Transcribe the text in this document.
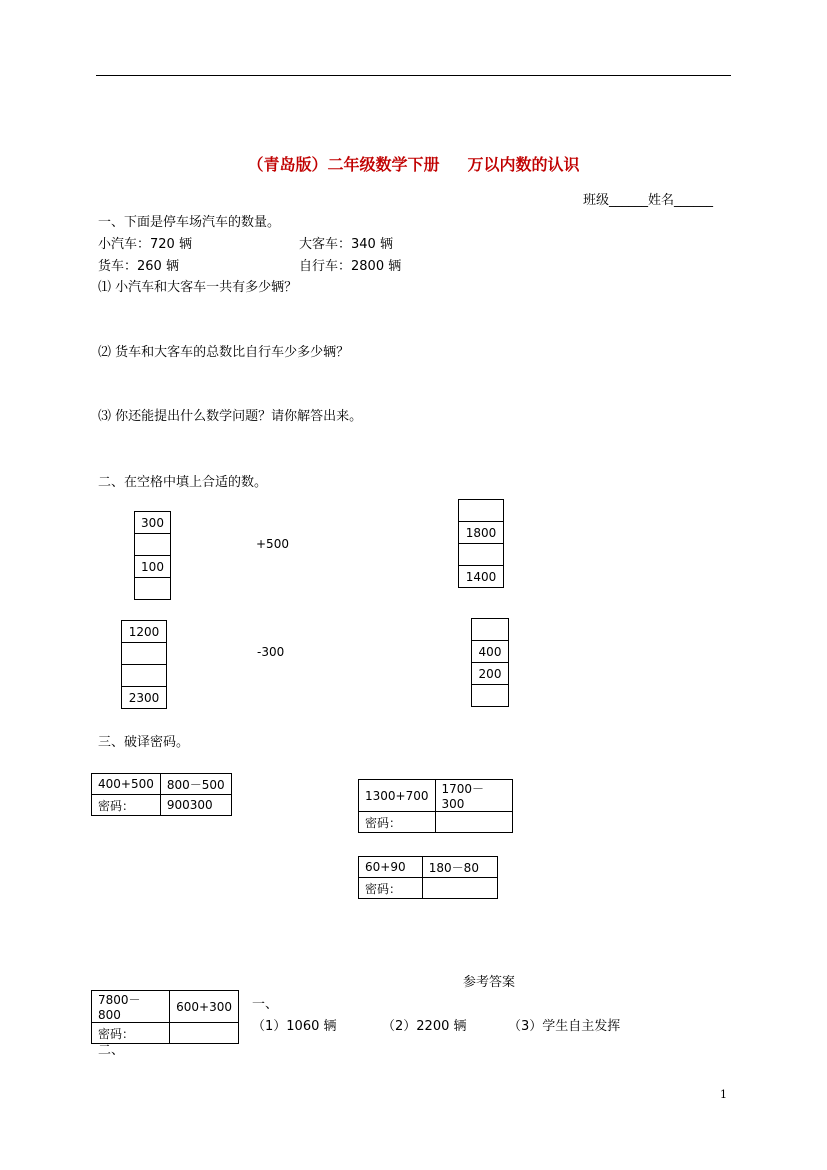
（青岛版）二年级数学下册 万以内数的认识
班级______姓名______
一、下面是停车场汽车的数量。
小汽车：720 辆	大客车：340 辆
货车：260 辆	自行车：2800 辆
⑴ 小汽车和大客车一共有多少辆？
⑵ 货车和大客车的总数比自行车少多少辆？
⑶ 你还能提出什么数学问题？请你解答出来。
二、在空格中填上合适的数。
300

100

+500

1800

1400
1200

2300
-300	400
200

三、破译密码。
400+500	800－500
密码：	900300
1300+700	1700－300
密码：	
60+90	180－80
密码：	
7800－800	600+300
密码：	
参考答案
一、
（1）1060 辆	（2）2200 辆	（3）学生自主发挥
二、
1
